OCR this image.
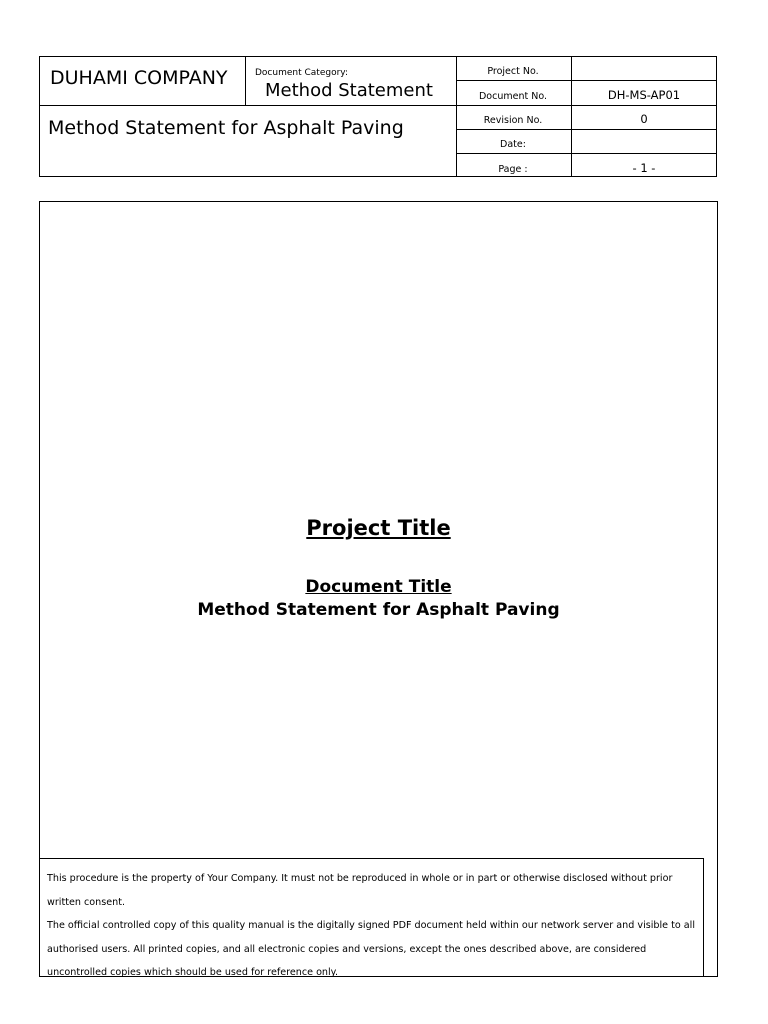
DUHAMI COMPANY	Document Category:
Method Statement
Method Statement for Asphalt Paving
Project No.
Document No.	DH-MS-AP01
Revision No.	0
Date:
Page :	- 1 -
Project Title
Document Title
Method Statement for Asphalt Paving

This procedure is the property of Your Company. It must not be reproduced in whole or in part or otherwise disclosed without prior written consent.

The official controlled copy of this quality manual is the digitally signed PDF document held within our network server and visible to all authorised users. All printed copies, and all electronic copies and versions, except the ones described above, are considered uncontrolled copies which should be used for reference only.
